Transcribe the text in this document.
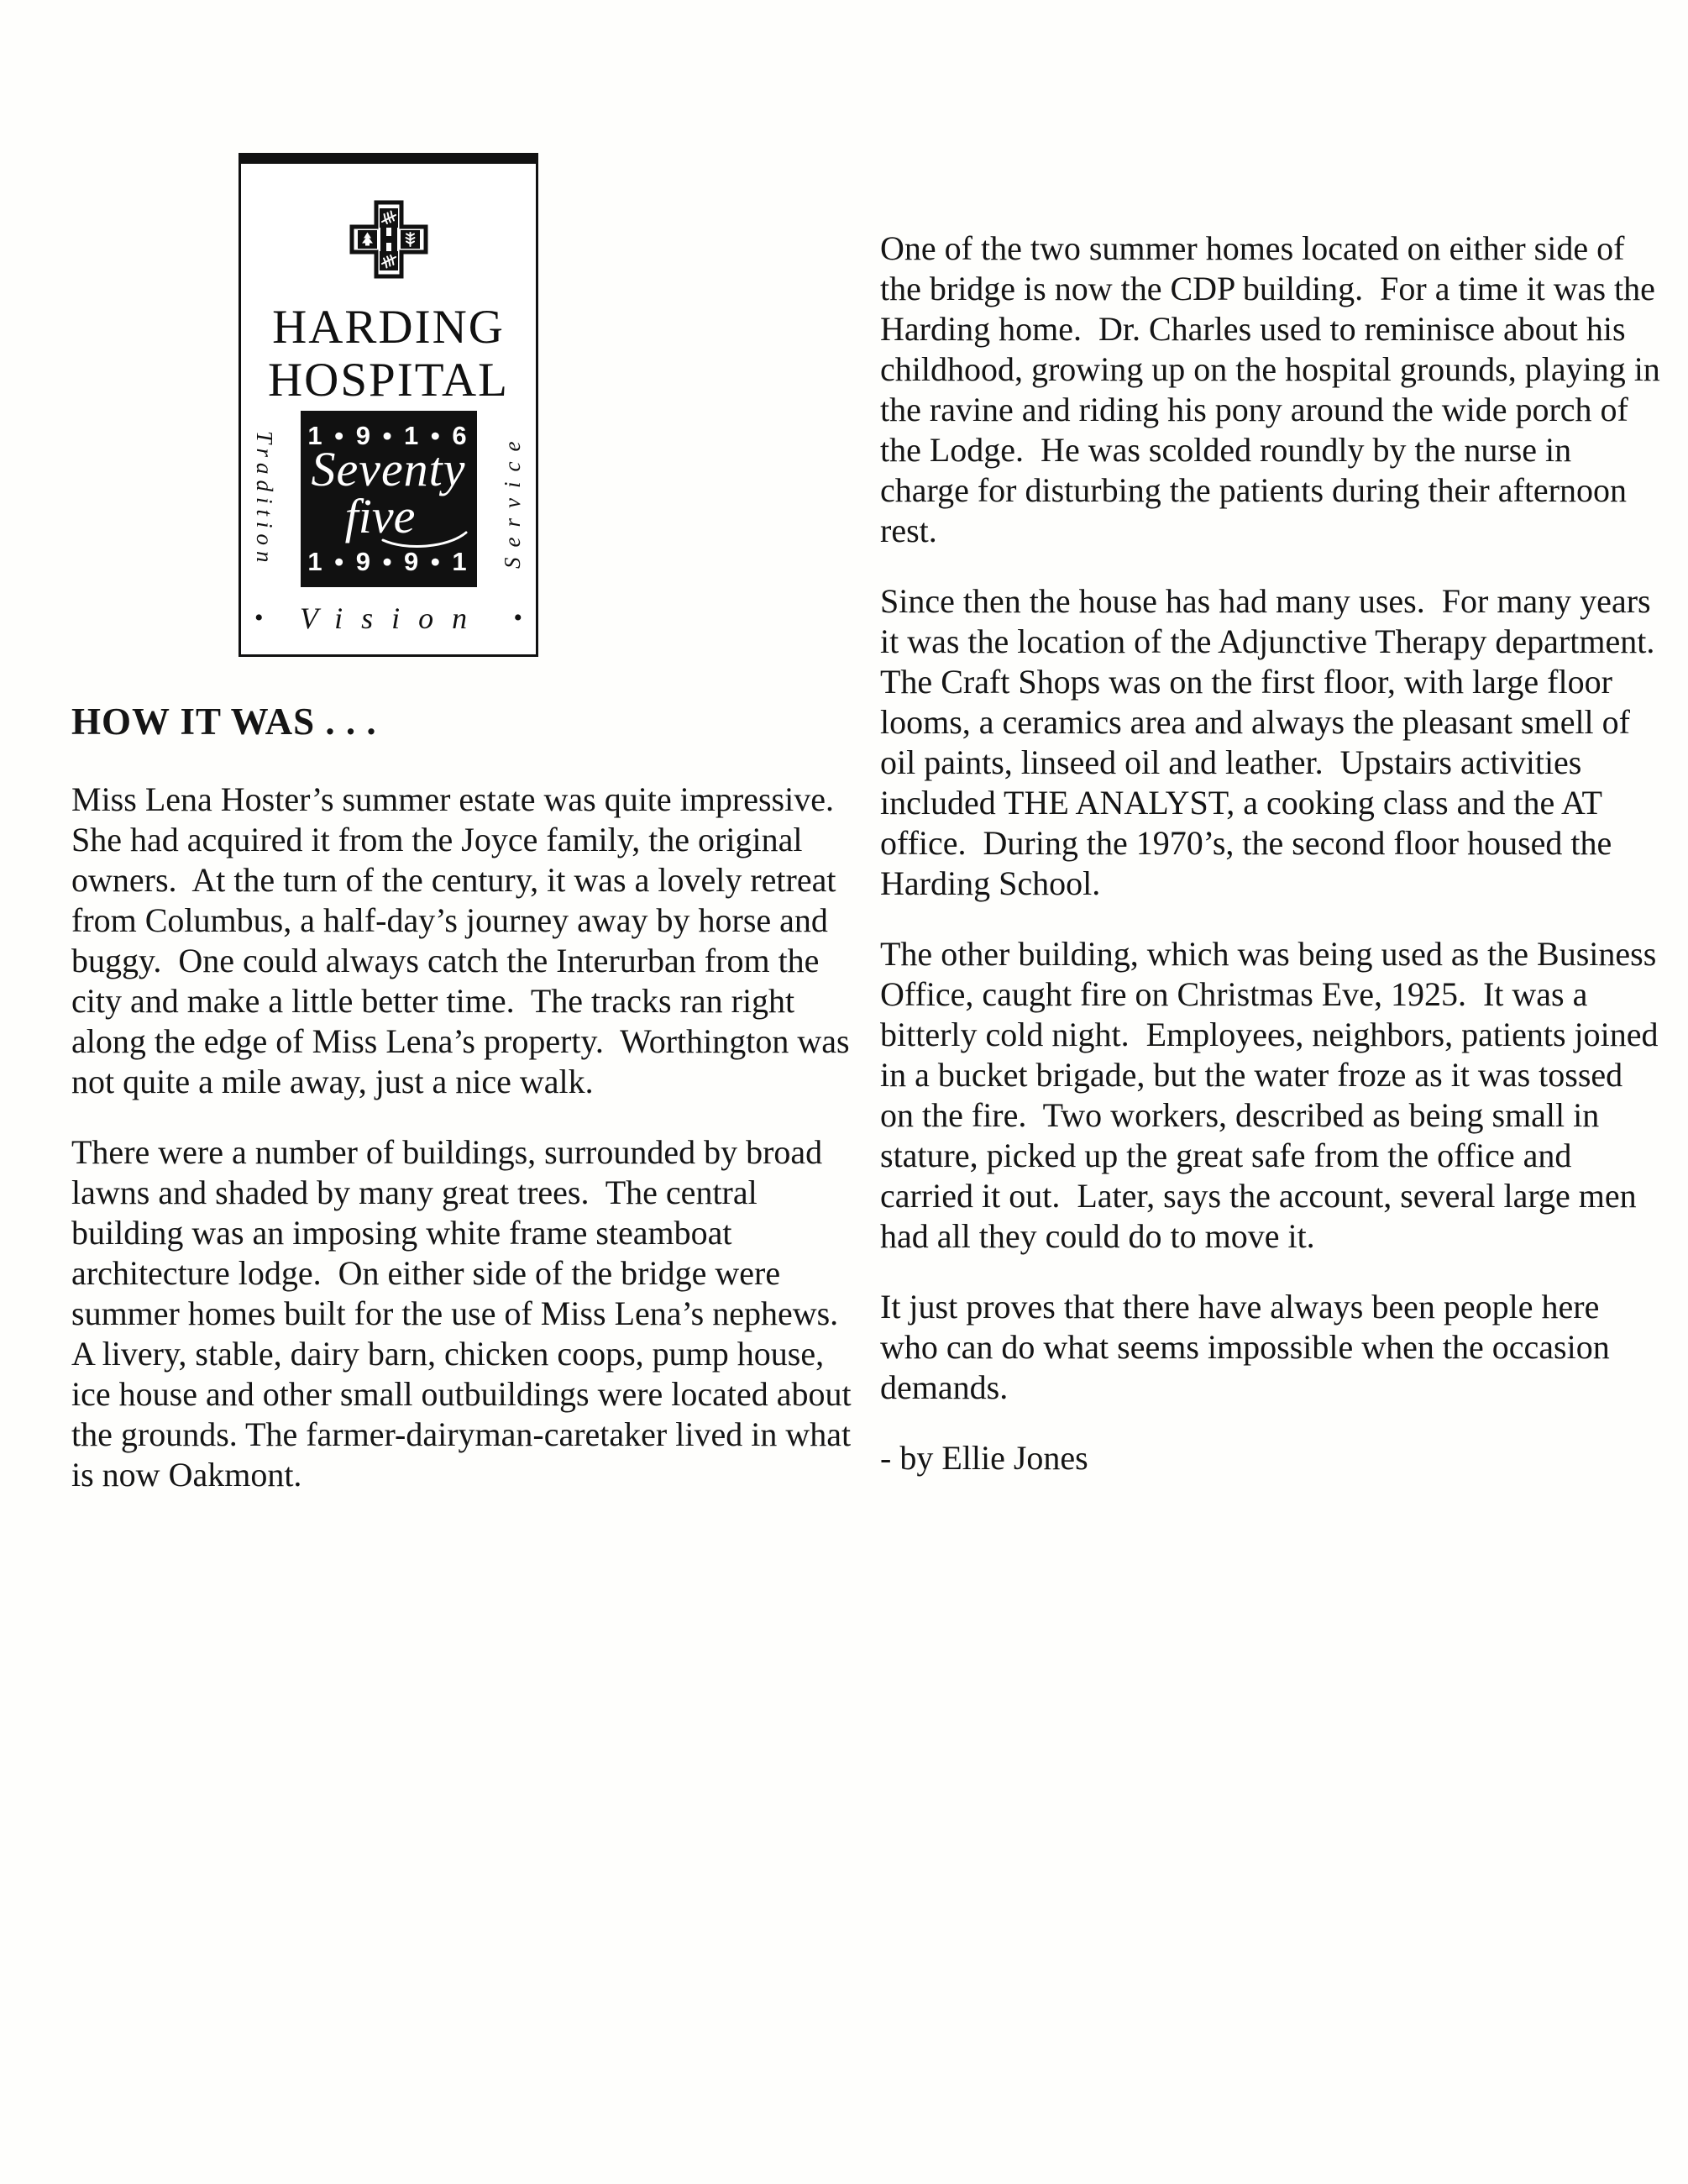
HARDING
HOSPITAL
Tradition 1 • 9 • 1 • 6
Seventy
five
1 • 9 • 9 • 1	Service
• Vision •
HOW IT WAS . . .

Miss Lena Hoster’s summer estate was quite impressive.  She had acquired it from the Joyce family, the original owners.  At the turn of the century, it was a lovely retreat from Columbus, a half-day’s journey away by horse and buggy.  One could always catch the Interurban from the city and make a little better time.  The tracks ran right along the edge of Miss Lena’s property.  Worthington was not quite a mile away, just a nice walk.

There were a number of buildings, surrounded by broad lawns and shaded by many great trees.  The central building was an imposing white frame steamboat architecture lodge.  On either side of the bridge were summer homes built for the use of Miss Lena’s nephews.  A livery, stable, dairy barn, chicken coops, pump house, ice house and other small outbuildings were located about the grounds. The farmer-dairyman-caretaker lived in what is now Oakmont.

One of the two summer homes located on either side of the bridge is now the CDP building.  For a time it was the Harding home.  Dr. Charles used to reminisce about his childhood, growing up on the hospital grounds, playing in the ravine and riding his pony around the wide porch of the Lodge.  He was scolded roundly by the nurse in charge for disturbing the patients during their afternoon rest.

Since then the house has had many uses.  For many years it was the location of the Adjunctive Therapy department.  The Craft Shops was on the first floor, with large floor looms, a ceramics area and always the pleasant smell of oil paints, linseed oil and leather.  Upstairs activities included THE ANALYST, a cooking class and the AT office.  During the 1970’s, the second floor housed the Harding School.

The other building, which was being used as the Business Office, caught fire on Christmas Eve, 1925.  It was a bitterly cold night.  Employees, neighbors, patients joined in a bucket brigade, but the water froze as it was tossed on the fire.  Two workers, described as being small in stature, picked up the great safe from the office and carried it out.  Later, says the account, several large men had all they could do to move it.

It just proves that there have always been people here who can do what seems impossible when the occasion demands.

- by Ellie Jones
